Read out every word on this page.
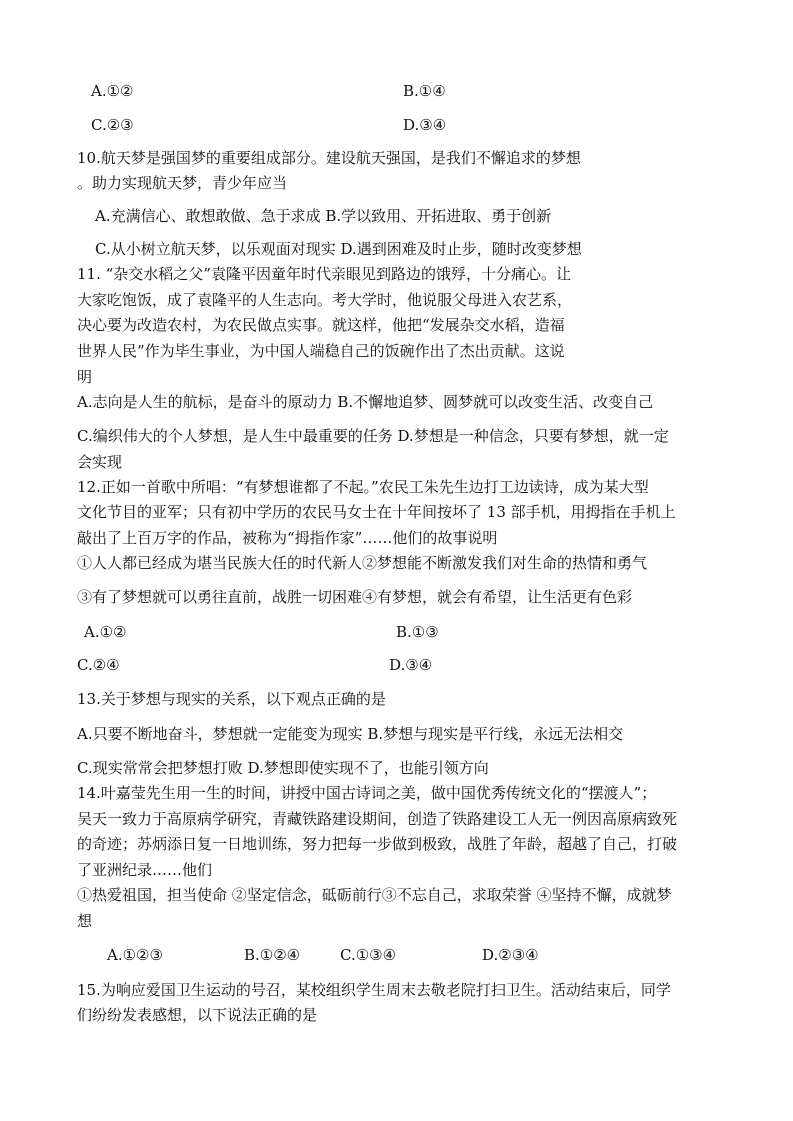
A.①②	B.①④
C.②③	D.③④
10.航天梦是强国梦的重要组成部分。建设航天强国，是我们不懈追求的梦想
。助力实现航天梦，青少年应当
A.充满信心、敢想敢做、急于求成 B.学以致用、开拓进取、勇于创新
C.从小树立航天梦，以乐观面对现实 D.遇到困难及时止步，随时改变梦想
11. “杂交水稻之父”袁隆平因童年时代亲眼见到路边的饿殍，十分痛心。让
大家吃饱饭，成了袁隆平的人生志向。考大学时，他说服父母进入农艺系，
决心要为改造农村，为农民做点实事。就这样，他把“发展杂交水稻，造福
世界人民”作为毕生事业，为中国人端稳自己的饭碗作出了杰出贡献。这说
明
A.志向是人生的航标，是奋斗的原动力 B.不懈地追梦、圆梦就可以改变生活、改变自己
C.编织伟大的个人梦想，是人生中最重要的任务 D.梦想是一种信念，只要有梦想，就一定
会实现
12.正如一首歌中所唱：“有梦想谁都了不起。”农民工朱先生边打工边读诗，成为某大型
文化节目的亚军；只有初中学历的农民马女士在十年间按坏了 13 部手机，用拇指在手机上
敲出了上百万字的作品，被称为“拇指作家”……他们的故事说明
①人人都已经成为堪当民族大任的时代新人②梦想能不断激发我们对生命的热情和勇气
③有了梦想就可以勇往直前，战胜一切困难④有梦想，就会有希望，让生活更有色彩
A.①②	B.①③
C.②④	D.③④
13.关于梦想与现实的关系，以下观点正确的是
A.只要不断地奋斗，梦想就一定能变为现实 B.梦想与现实是平行线，永远无法相交
C.现实常常会把梦想打败 D.梦想即使实现不了，也能引领方向
14.叶嘉莹先生用一生的时间，讲授中国古诗词之美，做中国优秀传统文化的“摆渡人”；
吴天一致力于高原病学研究，青藏铁路建设期间，创造了铁路建设工人无一例因高原病致死
的奇迹；苏炳添日复一日地训练，努力把每一步做到极致，战胜了年龄，超越了自己，打破
了亚洲纪录……他们
①热爱祖国，担当使命 ②坚定信念，砥砺前行③不忘自己，求取荣誉 ④坚持不懈，成就梦
想
A.①②③	B.①②④	C.①③④	D.②③④
15.为响应爱国卫生运动的号召，某校组织学生周末去敬老院打扫卫生。活动结束后，同学
们纷纷发表感想，以下说法正确的是
